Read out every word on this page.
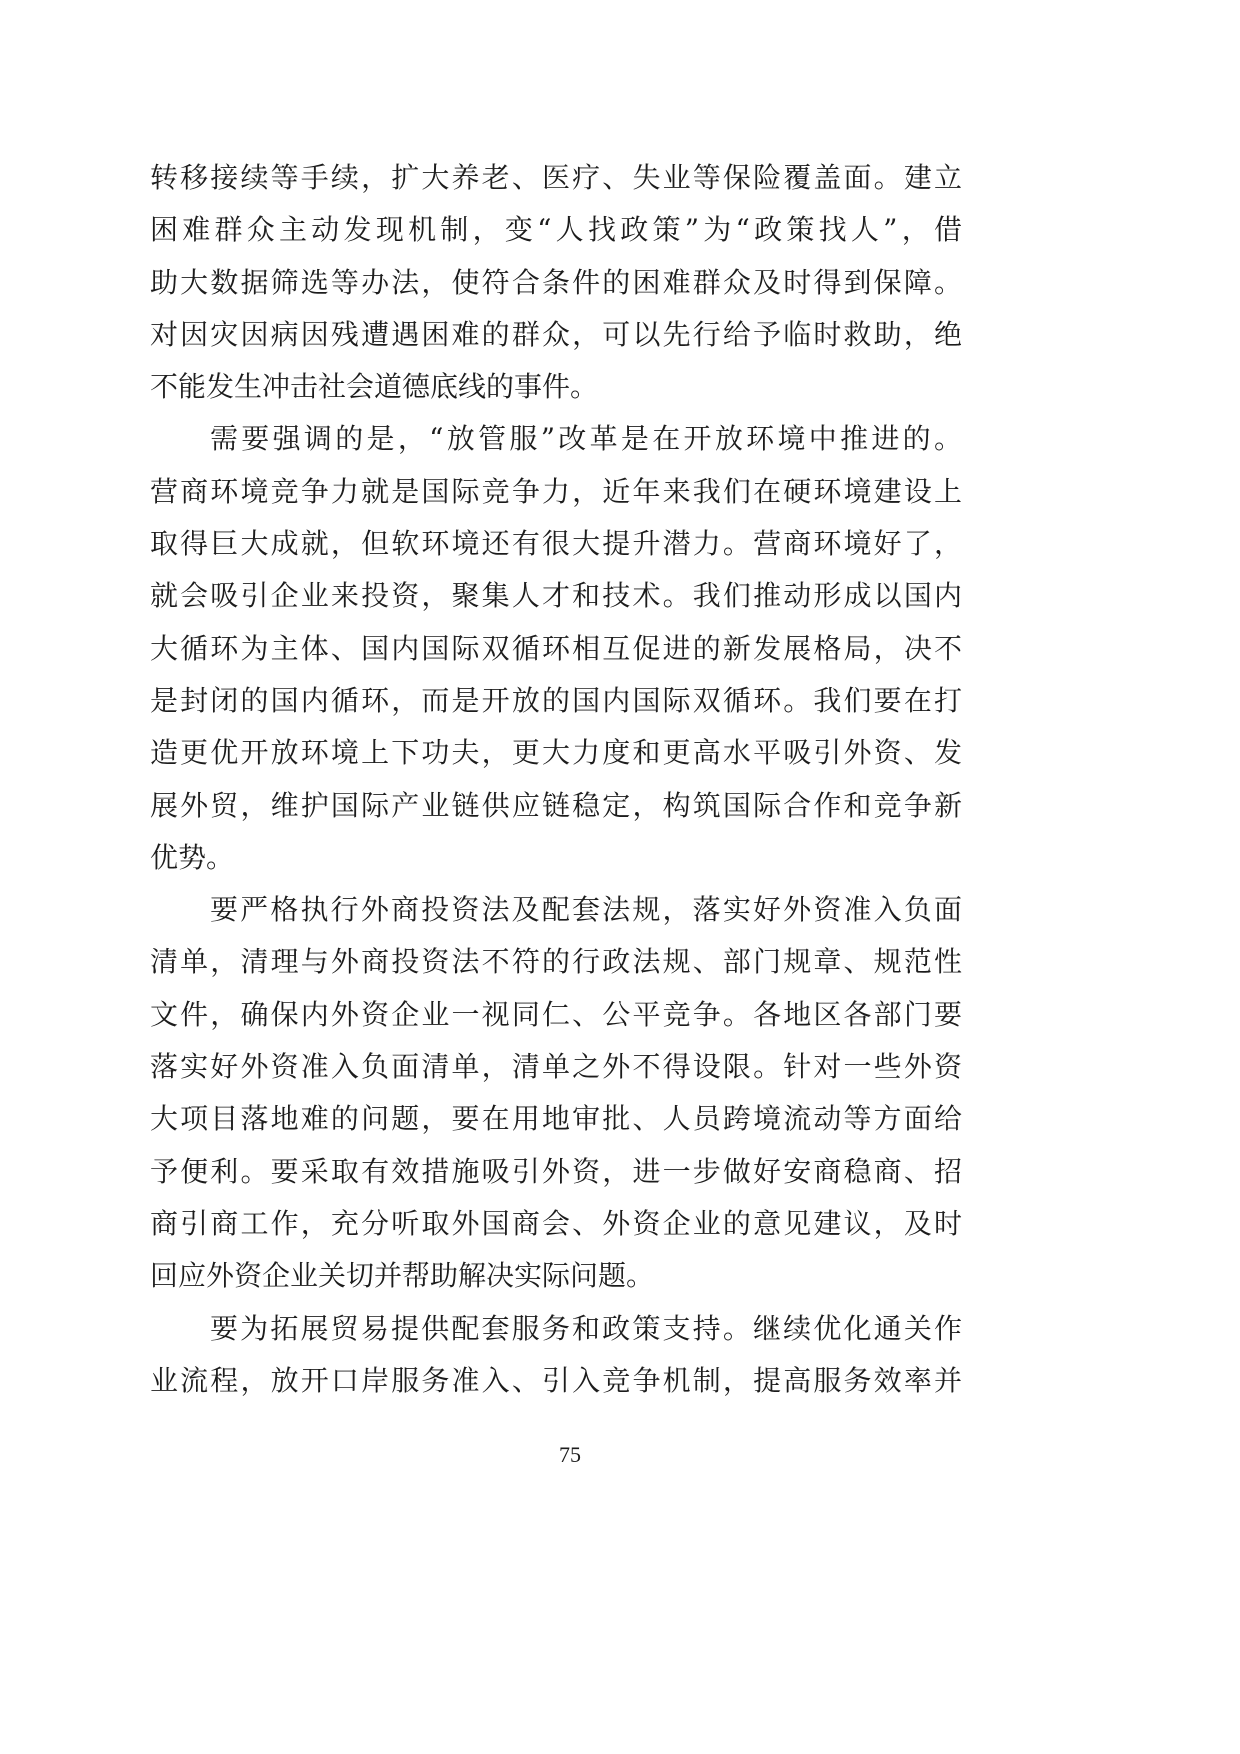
转移接续等手续，扩大养老、医疗、失业等保险覆盖面。建立
困难群众主动发现机制，变“人找政策”为“政策找人”，借
助大数据筛选等办法，使符合条件的困难群众及时得到保障。
对因灾因病因残遭遇困难的群众，可以先行给予临时救助，绝
不能发生冲击社会道德底线的事件。

需要强调的是，“放管服”改革是在开放环境中推进的。
营商环境竞争力就是国际竞争力，近年来我们在硬环境建设上
取得巨大成就，但软环境还有很大提升潜力。营商环境好了，
就会吸引企业来投资，聚集人才和技术。我们推动形成以国内
大循环为主体、国内国际双循环相互促进的新发展格局，决不
是封闭的国内循环，而是开放的国内国际双循环。我们要在打
造更优开放环境上下功夫，更大力度和更高水平吸引外资、发
展外贸，维护国际产业链供应链稳定，构筑国际合作和竞争新
优势。

要严格执行外商投资法及配套法规，落实好外资准入负面
清单，清理与外商投资法不符的行政法规、部门规章、规范性
文件，确保内外资企业一视同仁、公平竞争。各地区各部门要
落实好外资准入负面清单，清单之外不得设限。针对一些外资
大项目落地难的问题，要在用地审批、人员跨境流动等方面给
予便利。要采取有效措施吸引外资，进一步做好安商稳商、招
商引商工作，充分听取外国商会、外资企业的意见建议，及时
回应外资企业关切并帮助解决实际问题。

要为拓展贸易提供配套服务和政策支持。继续优化通关作
业流程，放开口岸服务准入、引入竞争机制，提高服务效率并

75
